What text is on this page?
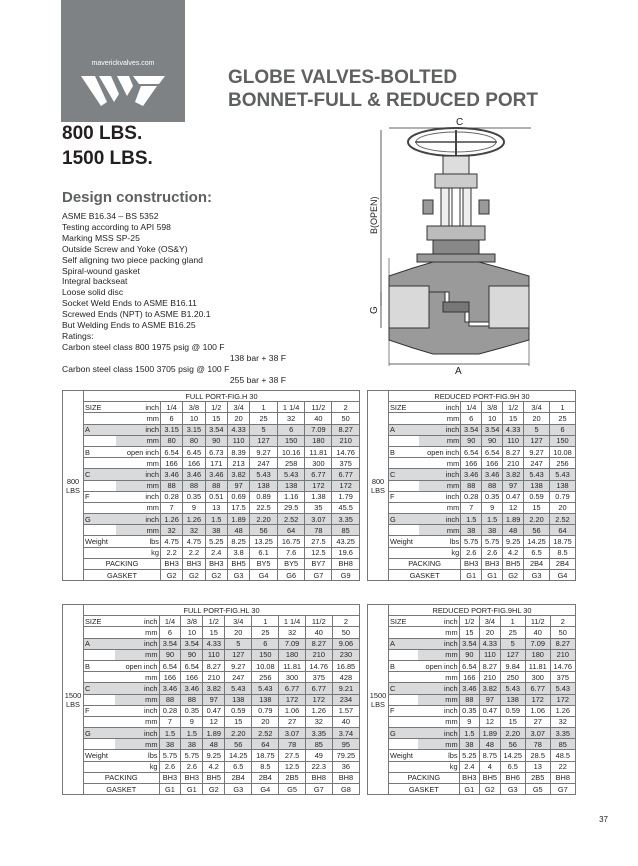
maverickvalves.com
GLOBE VALVES-BOLTED
BONNET-FULL & REDUCED PORT
800 LBS.
1500 LBS.
Design construction:
ASME B16.34 – BS 5352
Testing according to API 598
Marking MSS SP-25
Outside Screw and Yoke (OS&Y)
Self aligning two piece packing gland
Spiral-wound gasket
Integral backseat
Loose solid disc
Socket Weld Ends to ASME B16.11
Screwed Ends (NPT) to ASME B1.20.1
But Welding Ends to ASME B16.25
Ratings:
Carbon steel class 800 1975 psig @ 100 F
138 bar + 38 F
Carbon steel class 1500 3705 psig @ 100 F
255 bar + 38 F
C
A
B(OPEN)
G
800 LBS	FULL PORT-FIG.H 30									
	SIZE	inch	1/4	3/8	1/2	3/4	1	1 1/4	11/2	2
		mm	6	10	15	20	25	32	40	50
	A	inch	3.15	3.15	3.54	4.33	5	6	7.09	8.27
		mm	80	80	90	110	127	150	180	210
	B	open inch	6.54	6.45	6.73	8.39	9.27	10.16	11.81	14.76
		mm	166	166	171	213	247	258	300	375
	C	inch	3.46	3.46	3.46	3.82	5.43	5.43	6.77	6.77
		mm	88	88	88	97	138	138	172	172
	F	inch	0.28	0.35	0.51	0.69	0.89	1.16	1.38	1.79
		mm	7	9	13	17.5	22.5	29.5	35	45.5
	G	inch	1.26	1.26	1.5	1.89	2.20	2.52	3.07	3.35
		mm	32	32	38	48	56	64	78	85
	Weight	lbs	4.75	4.75	5.25	8.25	13.25	16.75	27.5	43.25
		kg	2.2	2.2	2.4	3.8	6.1	7.6	12.5	19.6
	PACKING		BH3	BH3	BH3	BH5	BY5	BY5	BY7	BH8
	GASKET		G2	G2	G2	G3	G4	G6	G7	G9
800 LBS	REDUCED PORT-FIG.9H 30						
	SIZE	inch	1/4	3/8	1/2	3/4	1
		mm	6	10	15	20	25
	A	inch	3.54	3.54	4.33	5	6
		mm	90	90	110	127	150
	B	open inch	6.54	6.54	8.27	9.27	10.08
		mm	166	166	210	247	256
	C	inch	3.46	3.46	3.82	5.43	5.43
		mm	88	88	97	138	138
	F	inch	0.28	0.35	0.47	0.59	0.79
		mm	7	9	12	15	20
	G	inch	1.5	1.5	1.89	2.20	2.52
		mm	38	38	48	56	64
	Weight	lbs	5.75	5.75	9.25	14.25	18.75
		kg	2.6	2.6	4.2	6.5	8.5
	PACKING		BH3	BH3	BH5	2B4	2B4
	GASKET		G1	G1	G2	G3	G4
1500 LBS	FULL PORT-FIG.HL 30									
	SIZE	inch	1/4	3/8	1/2	3/4	1	1 1/4	11/2	2
		mm	6	10	15	20	25	32	40	50
	A	inch	3.54	3.54	4.33	5	6	7.09	8.27	9.06
		mm	90	90	110	127	150	180	210	230
	B	open inch	6.54	6.54	8.27	9.27	10.08	11.81	14.76	16.85
		mm	166	166	210	247	256	300	375	428
	C	inch	3.46	3.46	3.82	5.43	5.43	6.77	6.77	9.21
		mm	88	88	97	138	138	172	172	234
	F	inch	0.28	0.35	0.47	0.59	0.79	1.06	1.26	1.57
		mm	7	9	12	15	20	27	32	40
	G	inch	1.5	1.5	1.89	2.20	2.52	3.07	3.35	3.74
		mm	38	38	48	56	64	78	85	95
	Weight	lbs	5.75	5.75	9.25	14.25	18.75	27.5	49	79.25
		kg	2.6	2.6	4.2	6.5	8.5	12.5	22.3	36
	PACKING		BH3	BH3	BH5	2B4	2B4	2B5	BH8	BH8
	GASKET		G1	G1	G2	G3	G4	G5	G7	G8
1500 LBS	REDUCED PORT-FIG.9HL 30						
	SIZE	inch	1/2	3/4	1	11/2	2
		mm	15	20	25	40	50
	A	inch	3.54	4.33	5	7.09	8.27
		mm	90	110	127	180	210
	B	open inch	6.54	8.27	9.84	11.81	14.76
		mm	166	210	250	300	375
	C	inch	3.46	3.82	5.43	6.77	5.43
		mm	88	97	138	172	172
	F	inch	0.35	0.47	0.59	1.06	1.26
		mm	9	12	15	27	32
	G	inch	1.5	1.89	2.20	3.07	3.35
		mm	38	48	56	78	85
	Weight	lbs	5.25	8.75	14.25	28.5	48.5
		kg	2.4	4	6.5	13	22
	PACKING		BH3	BH5	BH6	2B5	BH8
	GASKET		G1	G2	G3	G5	G7
37
